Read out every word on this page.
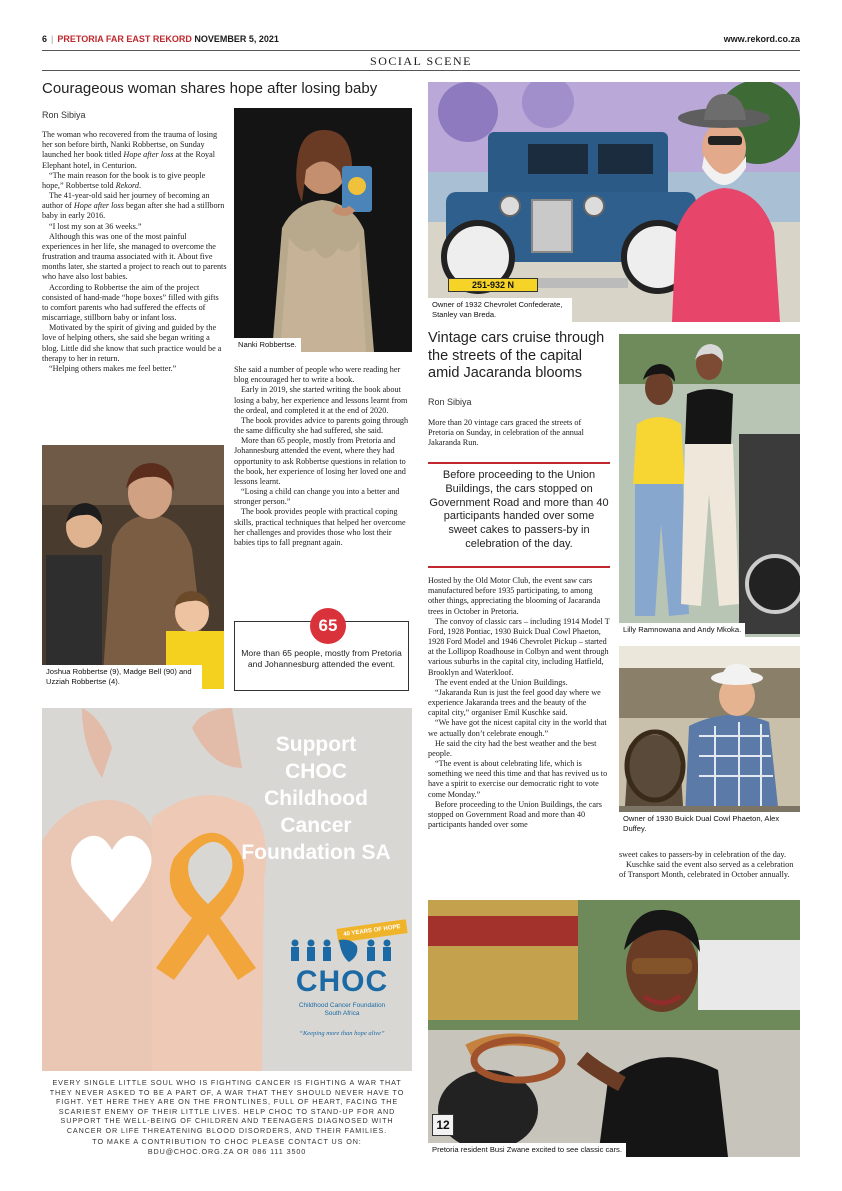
6 | PRETORIA FAR EAST REKORD NOVEMBER 5, 2021	www.rekord.co.za
SOCIAL SCENE
Courageous woman shares hope after losing baby
Ron Sibiya

The woman who recovered from the trauma of losing her son before birth, Nanki Robbertse, on Sunday launched her book titled Hope after loss at the Royal Elephant hotel, in Centurion.

“The main reason for the book is to give people hope,” Robbertse told Rekord.

The 41-year-old said her journey of becoming an author of Hope after loss began after she had a stillborn baby in early 2016.

“I lost my son at 36 weeks.”

Although this was one of the most painful experiences in her life, she managed to overcome the frustration and trauma associated with it. About five months later, she started a project to reach out to parents who have also lost babies.

According to Robbertse the aim of the project consisted of hand-made “hope boxes” filled with gifts to comfort parents who had suffered the effects of miscarriage, stillborn baby or infant loss.

Motivated by the spirit of giving and guided by the love of helping others, she said she began writing a blog. Little did she know that such practice would be a therapy to her in return.

“Helping others makes me feel better.”

Nanki Robbertse.

She said a number of people who were reading her blog encouraged her to write a book.

Early in 2019, she started writing the book about losing a baby, her experience and lessons learnt from the ordeal, and completed it at the end of 2020.

The book provides advice to parents going through the same difficulty she had suffered, she said.

More than 65 people, mostly from Pretoria and Johannesburg attended the event, where they had opportunity to ask Robbertse questions in relation to the book, her experience of losing her loved one and lessons learnt.

“Losing a child can change you into a better and stronger person.”

The book provides people with practical coping skills, practical techniques that helped her overcome her challenges and provides those who lost their babies tips to fall pregnant again.

Joshua Robbertse (9), Madge Bell (90) and Uzziah Robbertse (4).
65
More than 65 people, mostly from Pretoria and Johannesburg attended the event.
251-932 N
Owner of 1932 Chevrolet Confederate, Stanley van Breda.
Vintage cars cruise through the streets of the capital amid Jacaranda blooms
Ron Sibiya

More than 20 vintage cars graced the streets of Pretoria on Sunday, in celebration of the annual Jakaranda Run.

Before proceeding to the Union Buildings, the cars stopped on Government Road and more than 40 participants handed over some sweet cakes to passers-by in celebration of the day.

Hosted by the Old Motor Club, the event saw cars manufactured before 1935 participating, to among other things, appreciating the blooming of Jacaranda trees in October in Pretoria.

The convoy of classic cars – including 1914 Model T Ford, 1928 Pontiac, 1930 Buick Dual Cowl Phaeton, 1928 Ford Model and 1946 Chevrolet Pickup – started at the Lollipop Roadhouse in Colbyn and went through various suburbs in the capital city, including Hatfield, Brooklyn and Waterkloof.

The event ended at the Union Buildings.

“Jakaranda Run is just the feel good day where we experience Jakaranda trees and the beauty of the capital city,” organiser Emil Kuschke said.

“We have got the nicest capital city in the world that we actually don’t celebrate enough.”

He said the city had the best weather and the best people.

“The event is about celebrating life, which is something we need this time and that has revived us to have a spirit to exercise our democratic right to vote come Monday.”

Before proceeding to the Union Buildings, the cars stopped on Government Road and more than 40 participants handed over some

Lilly Ramnowana and Andy Mkoka.
Owner of 1930 Buick Dual Cowl Phaeton, Alex Duffey.

sweet cakes to passers-by in celebration of the day.

Kuschke said the event also served as a celebration of Transport Month, celebrated in October annually.

12
Pretoria resident Busi Zwane excited to see classic cars.
Support
CHOC
Childhood
Cancer
Foundation SA
40 YEARS OF HOPE
CHOC
Childhood Cancer Foundation
South Africa
“Keeping more than hope alive”
EVERY SINGLE LITTLE SOUL WHO IS FIGHTING CANCER IS FIGHTING A WAR THAT THEY NEVER ASKED TO BE A PART OF, A WAR THAT THEY SHOULD NEVER HAVE TO FIGHT. YET HERE THEY ARE ON THE FRONTLINES, FULL OF HEART, FACING THE SCARIEST ENEMY OF THEIR LITTLE LIVES. HELP CHOC TO STAND-UP FOR AND SUPPORT THE WELL-BEING OF CHILDREN AND TEENAGERS DIAGNOSED WITH CANCER OR LIFE THREATENING BLOOD DISORDERS, AND THEIR FAMILIES.
TO MAKE A CONTRIBUTION TO CHOC PLEASE CONTACT US ON:
BDU@CHOC.ORG.ZA OR 086 111 3500
